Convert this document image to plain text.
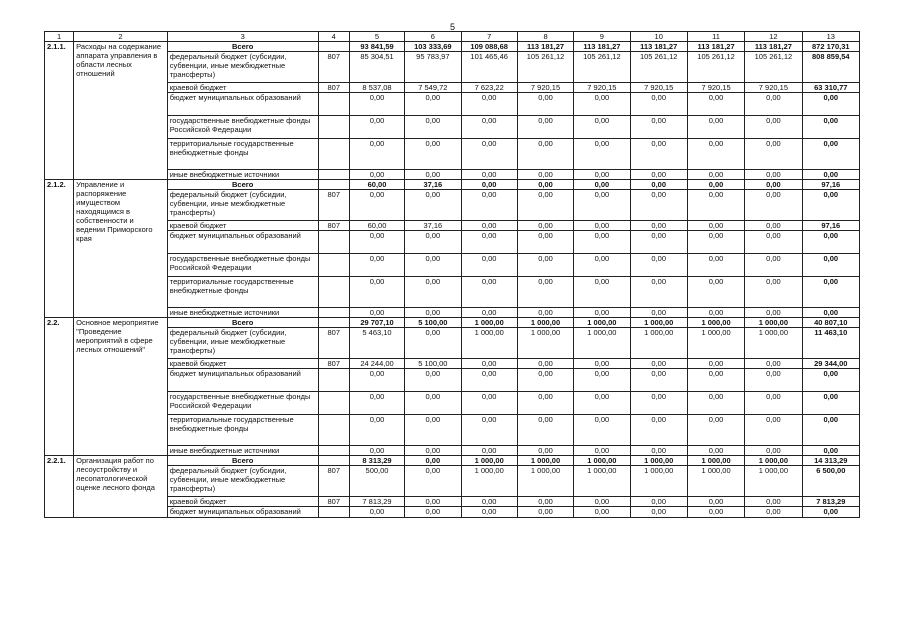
5
1	2	3	4	5	6	7	8	9	10	11	12	13
2.1.1.	Расходы на содержание аппарата управления в области лесных отношений	Всего		93 841,59	103 333,69	109 088,68	113 181,27	113 181,27	113 181,27	113 181,27	113 181,27	872 170,31
		федеральный бюджет (субсидии, субвенции, иные межбюджетные трансферты)	807	85 304,51	95 783,97	101 465,46	105 261,12	105 261,12	105 261,12	105 261,12	105 261,12	808 859,54
		краевой бюджет	807	8 537,08	7 549,72	7 623,22	7 920,15	7 920,15	7 920,15	7 920,15	7 920,15	63 310,77
		бюджет муниципальных образований		0,00	0,00	0,00	0,00	0,00	0,00	0,00	0,00	0,00
		государственные внебюджетные фонды Российской Федерации		0,00	0,00	0,00	0,00	0,00	0,00	0,00	0,00	0,00
		территориальные государственные внебюджетные фонды		0,00	0,00	0,00	0,00	0,00	0,00	0,00	0,00	0,00
		иные внебюджетные источники		0,00	0,00	0,00	0,00	0,00	0,00	0,00	0,00	0,00
2.1.2.	Управление и распоряжение имуществом находящимся в собственности и ведении Приморского края	Всего		60,00	37,16	0,00	0,00	0,00	0,00	0,00	0,00	97,16
		федеральный бюджет (субсидии, субвенции, иные межбюджетные трансферты)	807	0,00	0,00	0,00	0,00	0,00	0,00	0,00	0,00	0,00
		краевой бюджет	807	60,00	37,16	0,00	0,00	0,00	0,00	0,00	0,00	97,16
		бюджет муниципальных образований		0,00	0,00	0,00	0,00	0,00	0,00	0,00	0,00	0,00
		государственные внебюджетные фонды Российской Федерации		0,00	0,00	0,00	0,00	0,00	0,00	0,00	0,00	0,00
		территориальные государственные внебюджетные фонды		0,00	0,00	0,00	0,00	0,00	0,00	0,00	0,00	0,00
		иные внебюджетные источники		0,00	0,00	0,00	0,00	0,00	0,00	0,00	0,00	0,00
2.2.	Основное мероприятие "Проведение мероприятий в сфере лесных отношений"	Всего		29 707,10	5 100,00	1 000,00	1 000,00	1 000,00	1 000,00	1 000,00	1 000,00	40 807,10
		федеральный бюджет (субсидии, субвенции, иные межбюджетные трансферты)	807	5 463,10	0,00	1 000,00	1 000,00	1 000,00	1 000,00	1 000,00	1 000,00	11 463,10
		краевой бюджет	807	24 244,00	5 100,00	0,00	0,00	0,00	0,00	0,00	0,00	29 344,00
		бюджет муниципальных образований		0,00	0,00	0,00	0,00	0,00	0,00	0,00	0,00	0,00
		государственные внебюджетные фонды Российской Федерации		0,00	0,00	0,00	0,00	0,00	0,00	0,00	0,00	0,00
		территориальные государственные внебюджетные фонды		0,00	0,00	0,00	0,00	0,00	0,00	0,00	0,00	0,00
		иные внебюджетные источники		0,00	0,00	0,00	0,00	0,00	0,00	0,00	0,00	0,00
2.2.1.	Организация работ по лесоустройству и лесопатологической оценке лесного фонда	Всего		8 313,29	0,00	1 000,00	1 000,00	1 000,00	1 000,00	1 000,00	1 000,00	14 313,29
		федеральный бюджет (субсидии, субвенции, иные межбюджетные трансферты)	807	500,00	0,00	1 000,00	1 000,00	1 000,00	1 000,00	1 000,00	1 000,00	6 500,00
		краевой бюджет	807	7 813,29	0,00	0,00	0,00	0,00	0,00	0,00	0,00	7 813,29
		бюджет муниципальных образований		0,00	0,00	0,00	0,00	0,00	0,00	0,00	0,00	0,00
